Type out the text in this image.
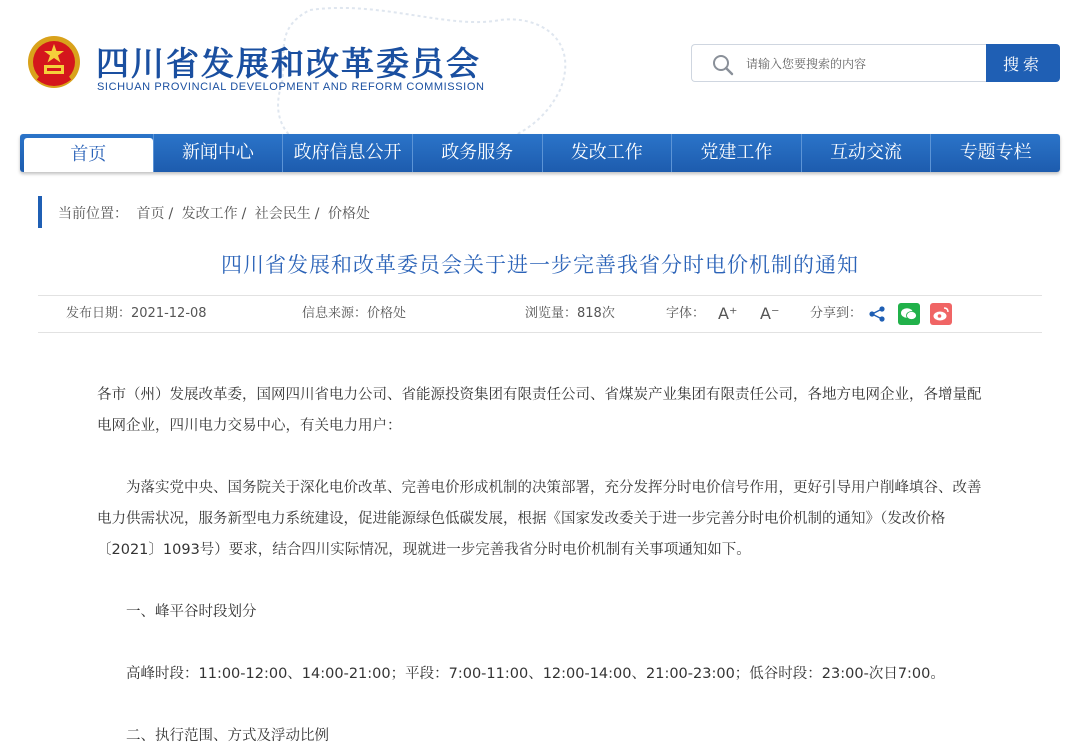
四川省发展和改革委员会
SICHUAN PROVINCIAL DEVELOPMENT AND REFORM COMMISSION
请输入您要搜索的内容
搜索
首页	新闻中心	政府信息公开	政务服务	发改工作	党建工作	互动交流	专题专栏
当前位置： 首页 / 发改工作 / 社会民生 / 价格处
四川省发展和改革委员会关于进一步完善我省分时电价机制的通知
发布日期：2021-12-08	信息来源：价格处	浏览量：818次	字体： A⁺ A⁻ 分享到：

各市（州）发展改革委，国网四川省电力公司、省能源投资集团有限责任公司、省煤炭产业集团有限责任公司，各地方电网企业，各增量配电网企业，四川电力交易中心，有关电力用户：

为落实党中央、国务院关于深化电价改革、完善电价形成机制的决策部署，充分发挥分时电价信号作用，更好引导用户削峰填谷、改善电力供需状况，服务新型电力系统建设，促进能源绿色低碳发展，根据《国家发改委关于进一步完善分时电价机制的通知》（发改价格〔2021〕1093号）要求，结合四川实际情况，现就进一步完善我省分时电价机制有关事项通知如下。

一、峰平谷时段划分

高峰时段：11:00-12:00、14:00-21:00；平段：7:00-11:00、12:00-14:00、21:00-23:00；低谷时段：23:00-次日7:00。

二、执行范围、方式及浮动比例
